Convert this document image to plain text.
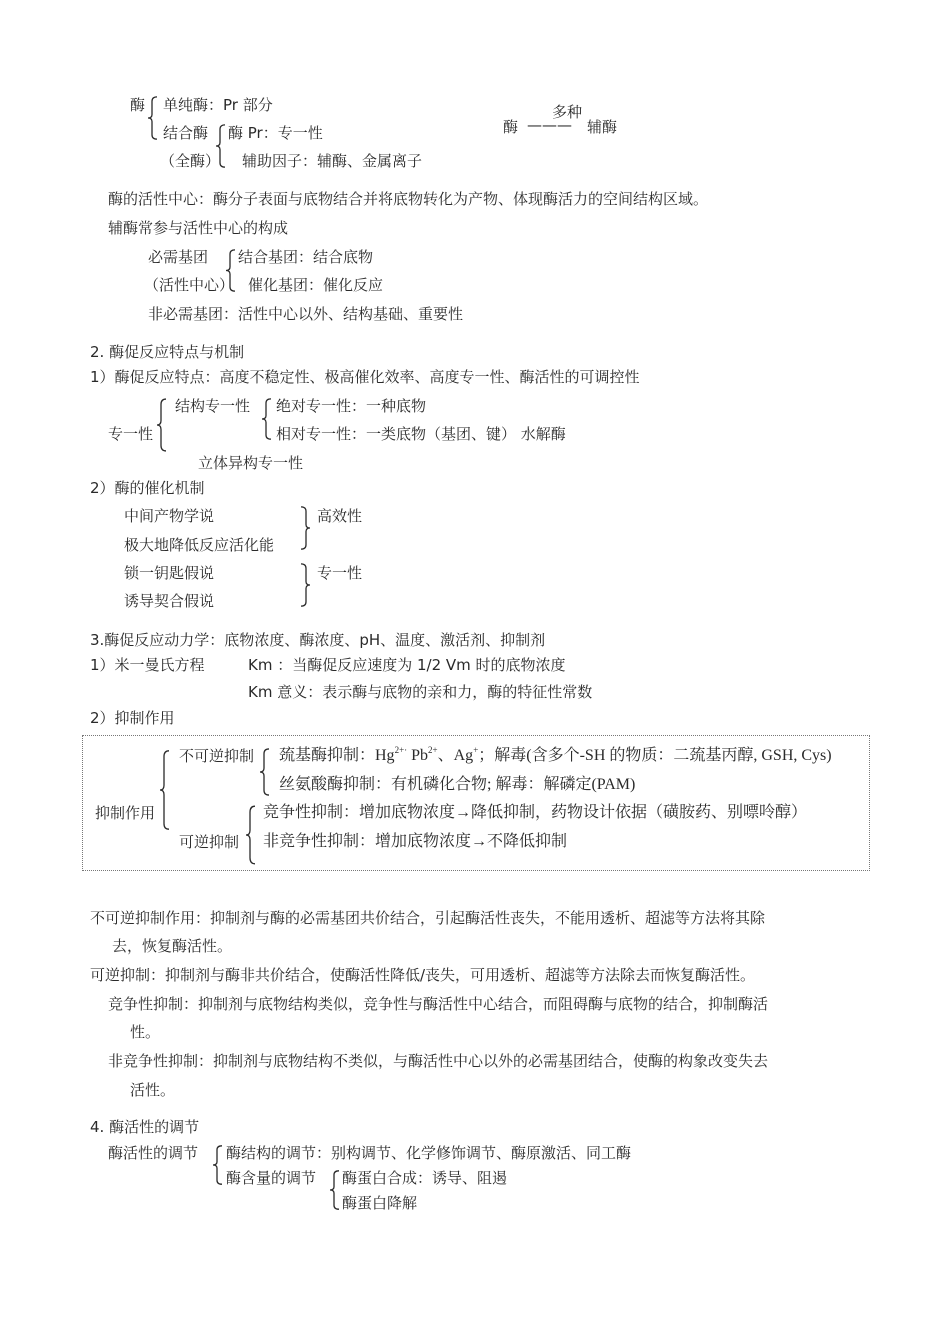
酶 单纯酶：Pr 部分
结合酶
（全酶）
酶 Pr：专一性
辅助因子：辅酶、金属离子
多种
酶 ——— 辅酶
酶的活性中心：酶分子表面与底物结合并将底物转化为产物、体现酶活力的空间结构区域。
辅酶常参与活性中心的构成
必需基团
（活性中心）
结合基团：结合底物
催化基团：催化反应
非必需基团：活性中心以外、结构基础、重要性
2. 酶促反应特点与机制
1）酶促反应特点：高度不稳定性、极高催化效率、高度专一性、酶活性的可调控性
专一性
结构专一性 绝对专一性：一种底物
相对专一性：一类底物（基团、键） 水解酶
立体异构专一性
2）酶的催化机制
中间产物学说
极大地降低反应活化能
锁一钥匙假说
诱导契合假说
高效性
专一性
3.酶促反应动力学：底物浓度、酶浓度、pH、温度、激活剂、抑制剂
1）米一曼氏方程	Km ：当酶促反应速度为 1/2 Vm 时的底物浓度
Km 意义：表示酶与底物的亲和力，酶的特征性常数
2）抑制作用
抑制作用
不可逆抑制 巯基酶抑制：$Hg^{2+\cdot}$ $Pb^{2+}$、Ag+；解毒(含多个-SH 的物质：二巯基丙醇, GSH, Cys)
丝氨酸酶抑制：有机磷化合物; 解毒：解磷定(PAM)
竞争性抑制：增加底物浓度→降低抑制，药物设计依据（磺胺药、别嘌呤醇）
可逆抑制 非竞争性抑制：增加底物浓度→不降低抑制
不可逆抑制作用：抑制剂与酶的必需基团共价结合，引起酶活性丧失，不能用透析、超滤等方法将其除
去，恢复酶活性。
可逆抑制：抑制剂与酶非共价结合，使酶活性降低/丧失，可用透析、超滤等方法除去而恢复酶活性。
竞争性抑制：抑制剂与底物结构类似，竞争性与酶活性中心结合，而阻碍酶与底物的结合，抑制酶活
性。
非竞争性抑制：抑制剂与底物结构不类似，与酶活性中心以外的必需基团结合，使酶的构象改变失去
活性。
4. 酶活性的调节
酶活性的调节 酶结构的调节：别构调节、化学修饰调节、酶原激活、同工酶
酶含量的调节 酶蛋白合成：诱导、阻遏
酶蛋白降解
